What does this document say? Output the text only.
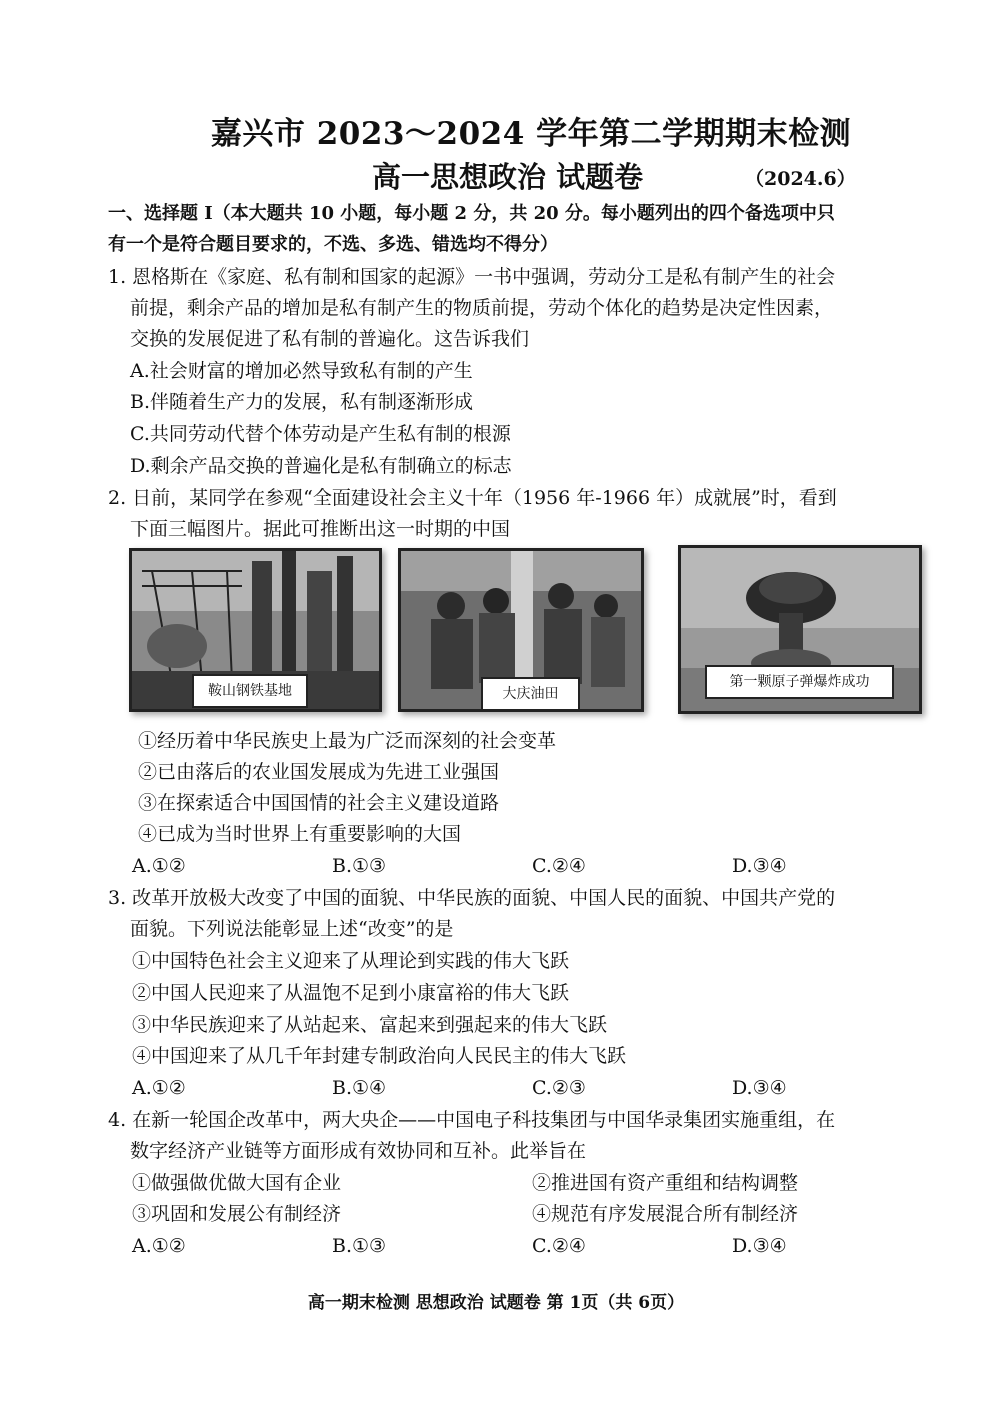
嘉兴市 2023～2024 学年第二学期期末检测
高一思想政治 试题卷	（2024.6）
一、选择题 I（本大题共 10 小题，每小题 2 分，共 20 分。每小题列出的四个备选项中只
有一个是符合题目要求的，不选、多选、错选均不得分）
1. 恩格斯在《家庭、私有制和国家的起源》一书中强调，劳动分工是私有制产生的社会
前提，剩余产品的增加是私有制产生的物质前提，劳动个体化的趋势是决定性因素，
交换的发展促进了私有制的普遍化。这告诉我们
A.社会财富的增加必然导致私有制的产生
B.伴随着生产力的发展，私有制逐渐形成
C.共同劳动代替个体劳动是产生私有制的根源
D.剩余产品交换的普遍化是私有制确立的标志
2. 日前，某同学在参观“全面建设社会主义十年（1956 年-1966 年）成就展”时，看到
下面三幅图片。据此可推断出这一时期的中国
鞍山钢铁基地	大庆油田
第一颗原子弹爆炸成功
①经历着中华民族史上最为广泛而深刻的社会变革
②已由落后的农业国发展成为先进工业强国
③在探索适合中国国情的社会主义建设道路
④已成为当时世界上有重要影响的大国
A.①②	B.①③	C.②④	D.③④
3. 改革开放极大改变了中国的面貌、中华民族的面貌、中国人民的面貌、中国共产党的
面貌。下列说法能彰显上述“改变”的是
①中国特色社会主义迎来了从理论到实践的伟大飞跃
②中国人民迎来了从温饱不足到小康富裕的伟大飞跃
③中华民族迎来了从站起来、富起来到强起来的伟大飞跃
④中国迎来了从几千年封建专制政治向人民民主的伟大飞跃
A.①②	B.①④	C.②③	D.③④
4. 在新一轮国企改革中，两大央企——中国电子科技集团与中国华录集团实施重组，在
数字经济产业链等方面形成有效协同和互补。此举旨在
①做强做优做大国有企业	②推进国有资产重组和结构调整
③巩固和发展公有制经济	④规范有序发展混合所有制经济
A.①②	B.①③	C.②④	D.③④
高一期末检测 思想政治 试题卷 第 1页（共 6页）
